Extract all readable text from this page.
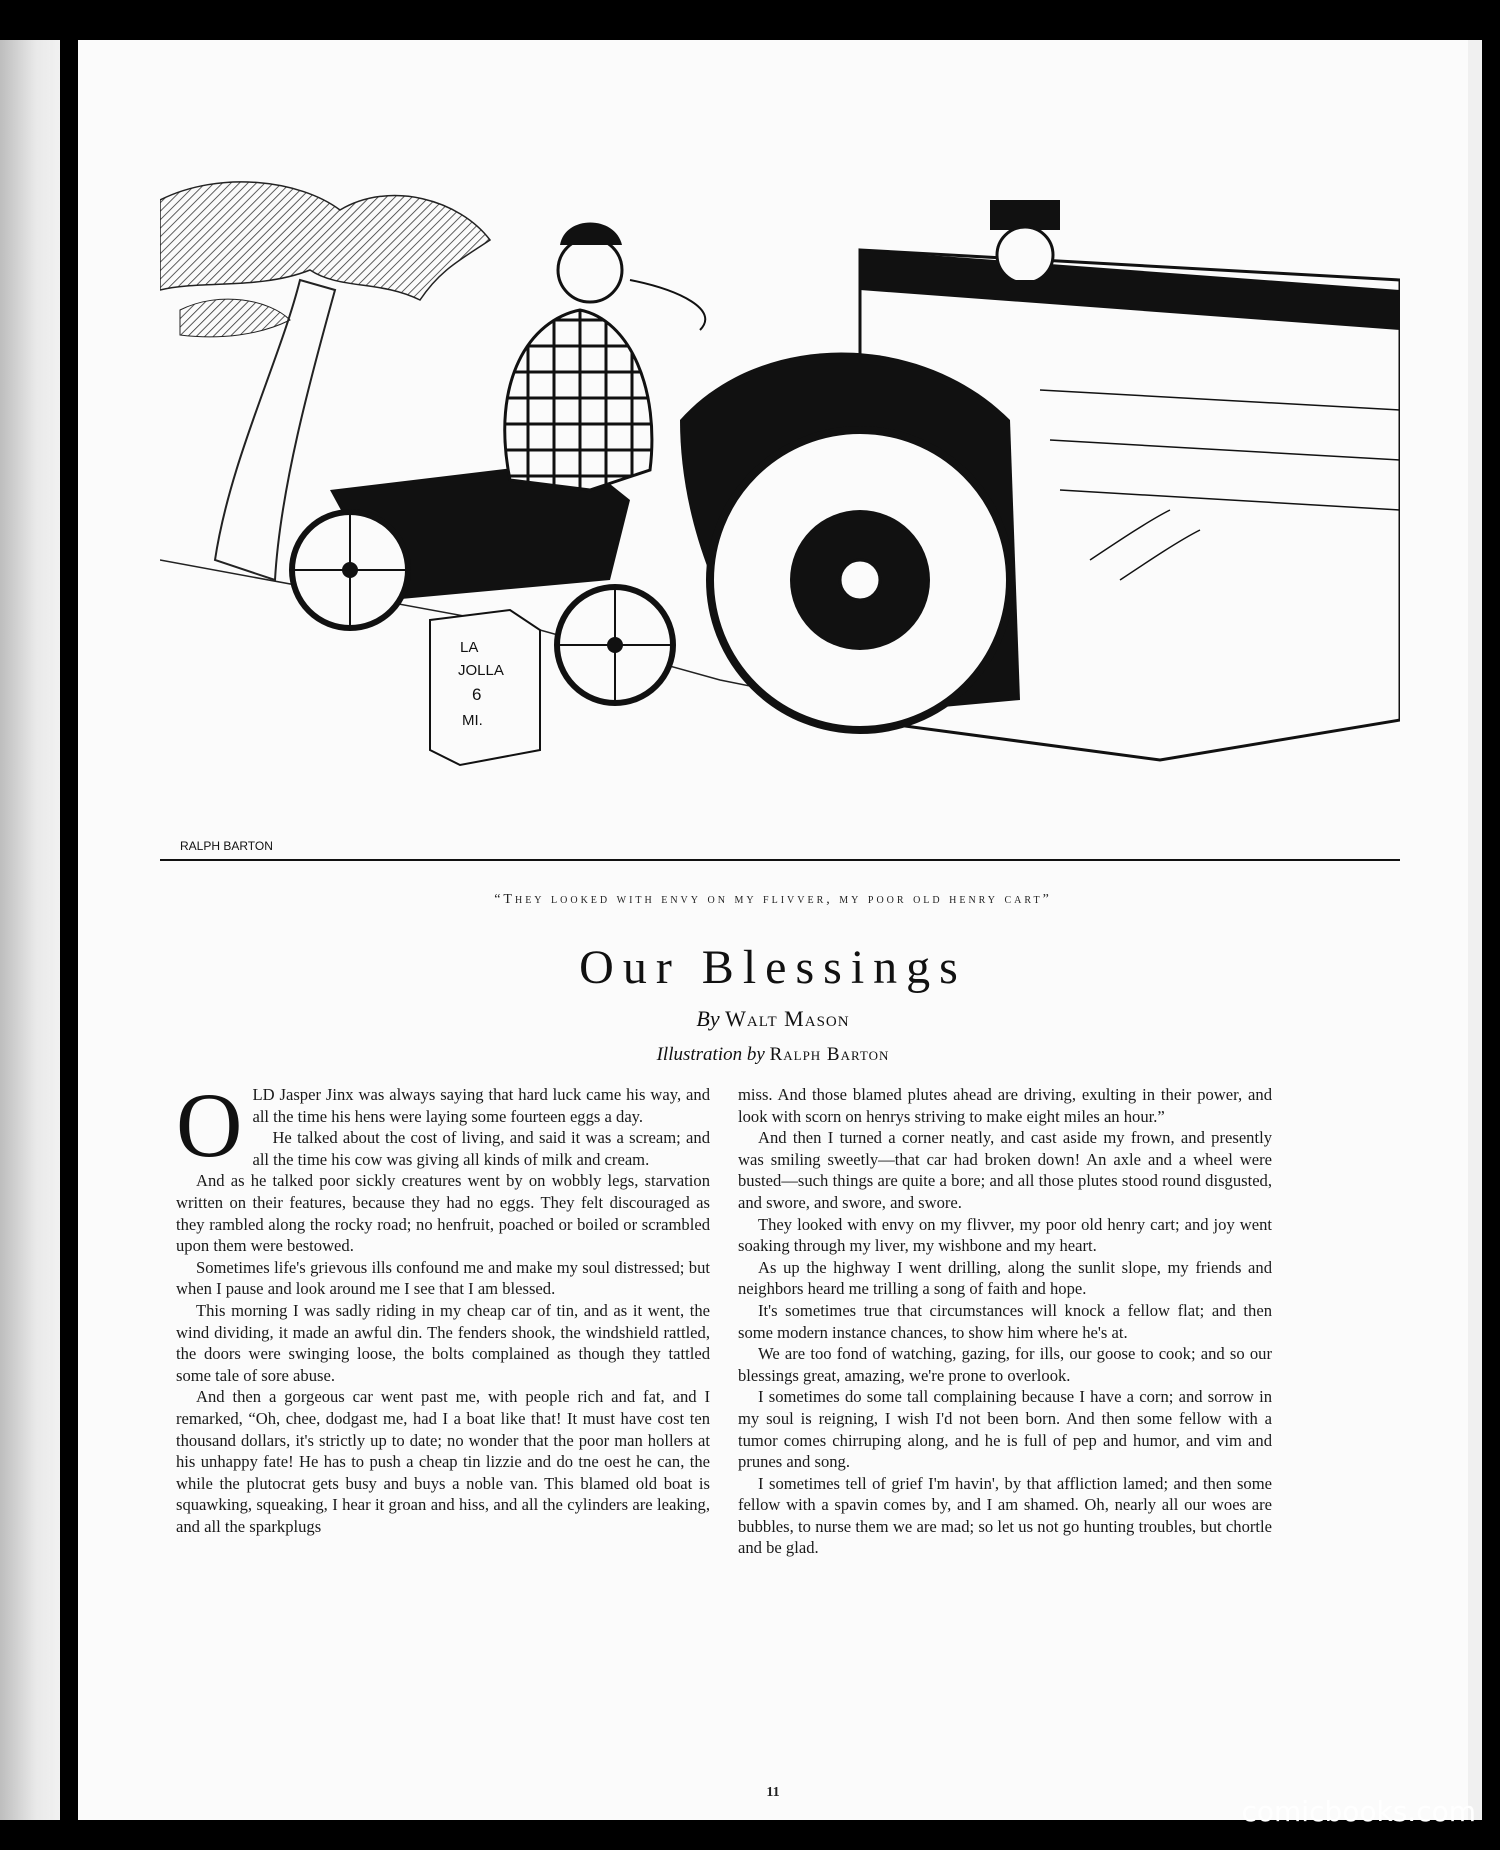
LA
JOLLA
6
MI.
RALPH BARTON
“They looked with envy on my flivver, my poor old henry cart”
Our Blessings
By Walt Mason
Illustration by Ralph Barton

OLD Jasper Jinx was always saying that hard luck came his way, and all the time his hens were laying some fourteen eggs a day.

He talked about the cost of living, and said it was a scream; and all the time his cow was giving all kinds of milk and cream.

And as he talked poor sickly creatures went by on wobbly legs, starvation written on their features, because they had no eggs. They felt discouraged as they rambled along the rocky road; no henfruit, poached or boiled or scrambled upon them were bestowed.

Sometimes life's grievous ills confound me and make my soul distressed; but when I pause and look around me I see that I am blessed.

This morning I was sadly riding in my cheap car of tin, and as it went, the wind dividing, it made an awful din. The fenders shook, the windshield rattled, the doors were swinging loose, the bolts complained as though they tattled some tale of sore abuse.

And then a gorgeous car went past me, with people rich and fat, and I remarked, “Oh, chee, dodgast me, had I a boat like that! It must have cost ten thousand dollars, it's strictly up to date; no wonder that the poor man hollers at his unhappy fate! He has to push a cheap tin lizzie and do tne oest he can, the while the plutocrat gets busy and buys a noble van. This blamed old boat is squawking, squeaking, I hear it groan and hiss, and all the cylinders are leaking, and all the sparkplugs

miss. And those blamed plutes ahead are driving, exulting in their power, and look with scorn on henrys striving to make eight miles an hour.”

And then I turned a corner neatly, and cast aside my frown, and presently was smiling sweetly—that car had broken down! An axle and a wheel were busted—such things are quite a bore; and all those plutes stood round disgusted, and swore, and swore, and swore.

They looked with envy on my flivver, my poor old henry cart; and joy went soaking through my liver, my wishbone and my heart.

As up the highway I went drilling, along the sunlit slope, my friends and neighbors heard me trilling a song of faith and hope.

It's sometimes true that circumstances will knock a fellow flat; and then some modern instance chances, to show him where he's at.

We are too fond of watching, gazing, for ills, our goose to cook; and so our blessings great, amazing, we're prone to overlook.

I sometimes do some tall complaining because I have a corn; and sorrow in my soul is reigning, I wish I'd not been born. And then some fellow with a tumor comes chirruping along, and he is full of pep and humor, and vim and prunes and song.

I sometimes tell of grief I'm havin', by that affliction lamed; and then some fellow with a spavin comes by, and I am shamed. Oh, nearly all our woes are bubbles, to nurse them we are mad; so let us not go hunting troubles, but chortle and be glad.

11
comicbooks.com
